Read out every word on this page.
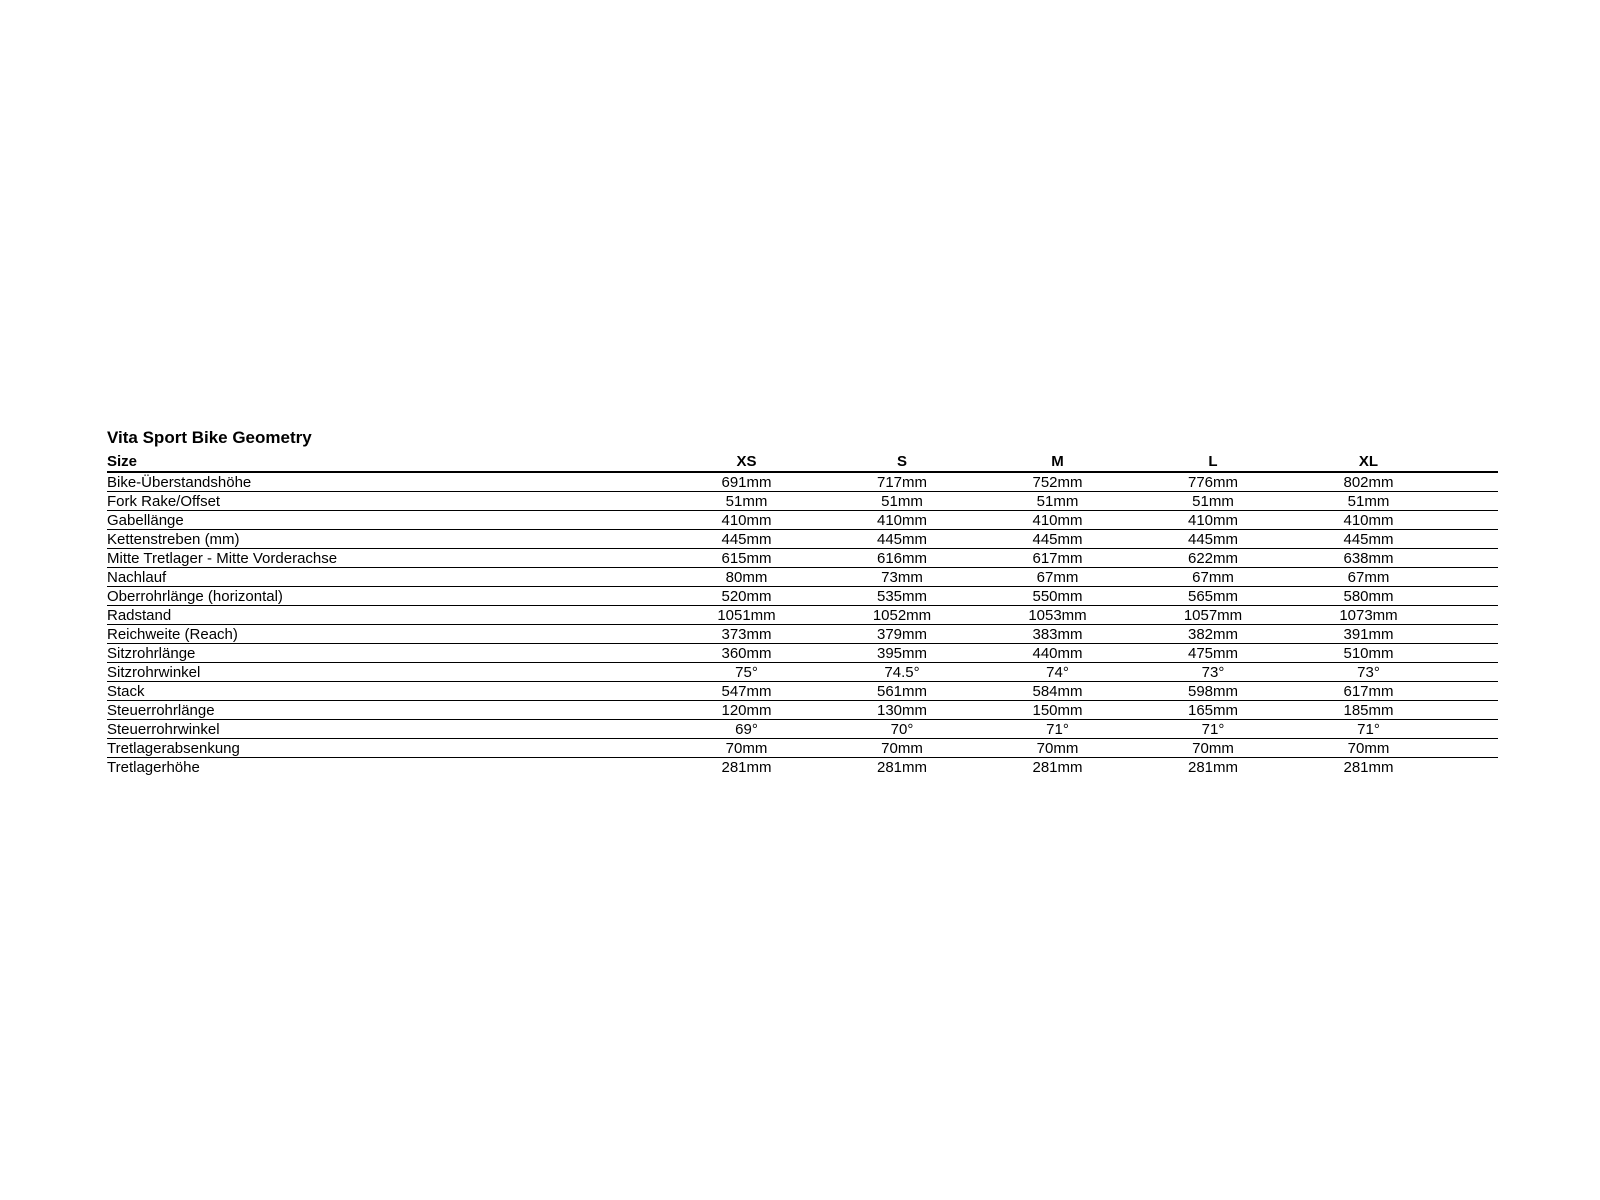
Vita Sport Bike Geometry
Size	XS	S	M	L	XL
Bike-Überstandshöhe	691mm	717mm	752mm	776mm	802mm
Fork Rake/Offset	51mm	51mm	51mm	51mm	51mm
Gabellänge	410mm	410mm	410mm	410mm	410mm
Kettenstreben (mm)	445mm	445mm	445mm	445mm	445mm
Mitte Tretlager - Mitte Vorderachse	615mm	616mm	617mm	622mm	638mm
Nachlauf	80mm	73mm	67mm	67mm	67mm
Oberrohrlänge (horizontal)	520mm	535mm	550mm	565mm	580mm
Radstand	1051mm	1052mm	1053mm	1057mm	1073mm
Reichweite (Reach)	373mm	379mm	383mm	382mm	391mm
Sitzrohrlänge	360mm	395mm	440mm	475mm	510mm
Sitzrohrwinkel	75°	74.5°	74°	73°	73°
Stack	547mm	561mm	584mm	598mm	617mm
Steuerrohrlänge	120mm	130mm	150mm	165mm	185mm
Steuerrohrwinkel	69°	70°	71°	71°	71°
Tretlagerabsenkung	70mm	70mm	70mm	70mm	70mm
Tretlagerhöhe	281mm	281mm	281mm	281mm	281mm
